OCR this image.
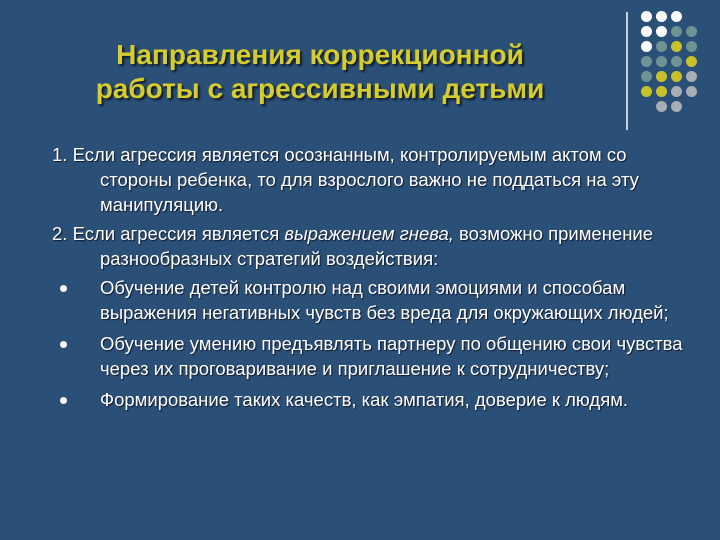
Направления коррекционной
работы с агрессивными детьми

1. Если агрессия является осознанным, контролируемым актом со стороны ребенка, то для взрослого важно не поддаться на эту манипуляцию.

2. Если агрессия является выражением гнева, возможно применение разнообразных стратегий воздействия:

Обучение детей контролю над своими эмоциями и способам выражения негативных чувств без вреда для окружающих людей;
Обучение умению предъявлять партнеру по общению свои чувства через их проговаривание и приглашение к сотрудничеству;
Формирование таких качеств, как эмпатия, доверие к людям.
